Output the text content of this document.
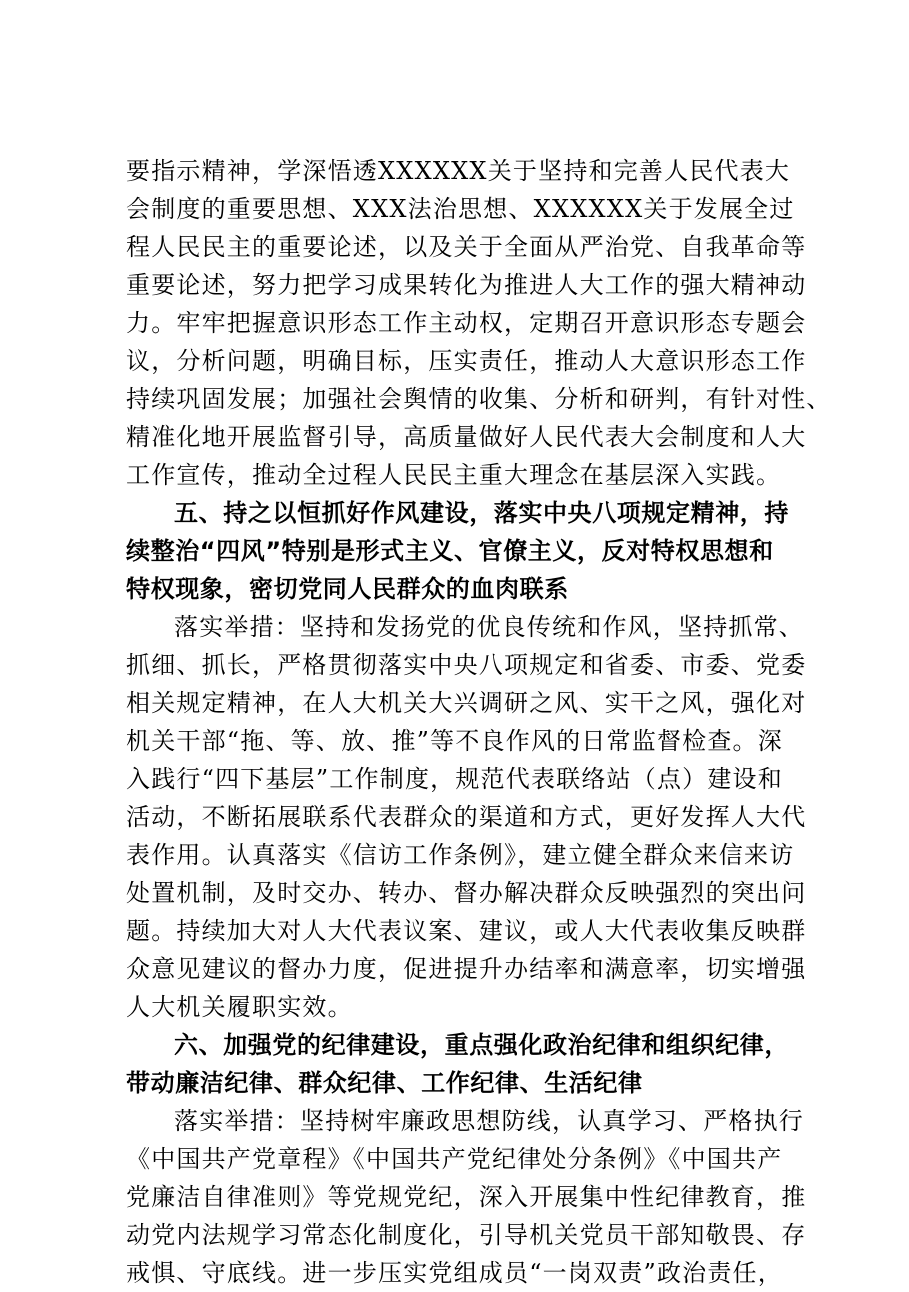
要指示精神，学深悟透XXXXXX关于坚持和完善人民代表大

会制度的重要思想、XXX法治思想、XXXXXX关于发展全过

程人民民主的重要论述，以及关于全面从严治党、自我革命等

重要论述，努力把学习成果转化为推进人大工作的强大精神动

力。牢牢把握意识形态工作主动权，定期召开意识形态专题会

议，分析问题，明确目标，压实责任，推动人大意识形态工作

持续巩固发展；加强社会舆情的收集、分析和研判，有针对性、

精准化地开展监督引导，高质量做好人民代表大会制度和人大

工作宣传，推动全过程人民民主重大理念在基层深入实践。

五、持之以恒抓好作风建设，落实中央八项规定精神，持

续整治“四风”特别是形式主义、官僚主义，反对特权思想和

特权现象，密切党同人民群众的血肉联系

落实举措：坚持和发扬党的优良传统和作风，坚持抓常、

抓细、抓长，严格贯彻落实中央八项规定和省委、市委、党委

相关规定精神，在人大机关大兴调研之风、实干之风，强化对

机关干部“拖、等、放、推”等不良作风的日常监督检查。深

入践行“四下基层”工作制度，规范代表联络站（点）建设和

活动，不断拓展联系代表群众的渠道和方式，更好发挥人大代

表作用。认真落实《信访工作条例》，建立健全群众来信来访

处置机制，及时交办、转办、督办解决群众反映强烈的突出问

题。持续加大对人大代表议案、建议，或人大代表收集反映群

众意见建议的督办力度，促进提升办结率和满意率，切实增强

人大机关履职实效。

六、加强党的纪律建设，重点强化政治纪律和组织纪律，

带动廉洁纪律、群众纪律、工作纪律、生活纪律

落实举措：坚持树牢廉政思想防线，认真学习、严格执行

《中国共产党章程》《中国共产党纪律处分条例》《中国共产

党廉洁自律准则》等党规党纪，深入开展集中性纪律教育，推

动党内法规学习常态化制度化，引导机关党员干部知敬畏、存

戒惧、守底线。进一步压实党组成员“一岗双责”政治责任，
